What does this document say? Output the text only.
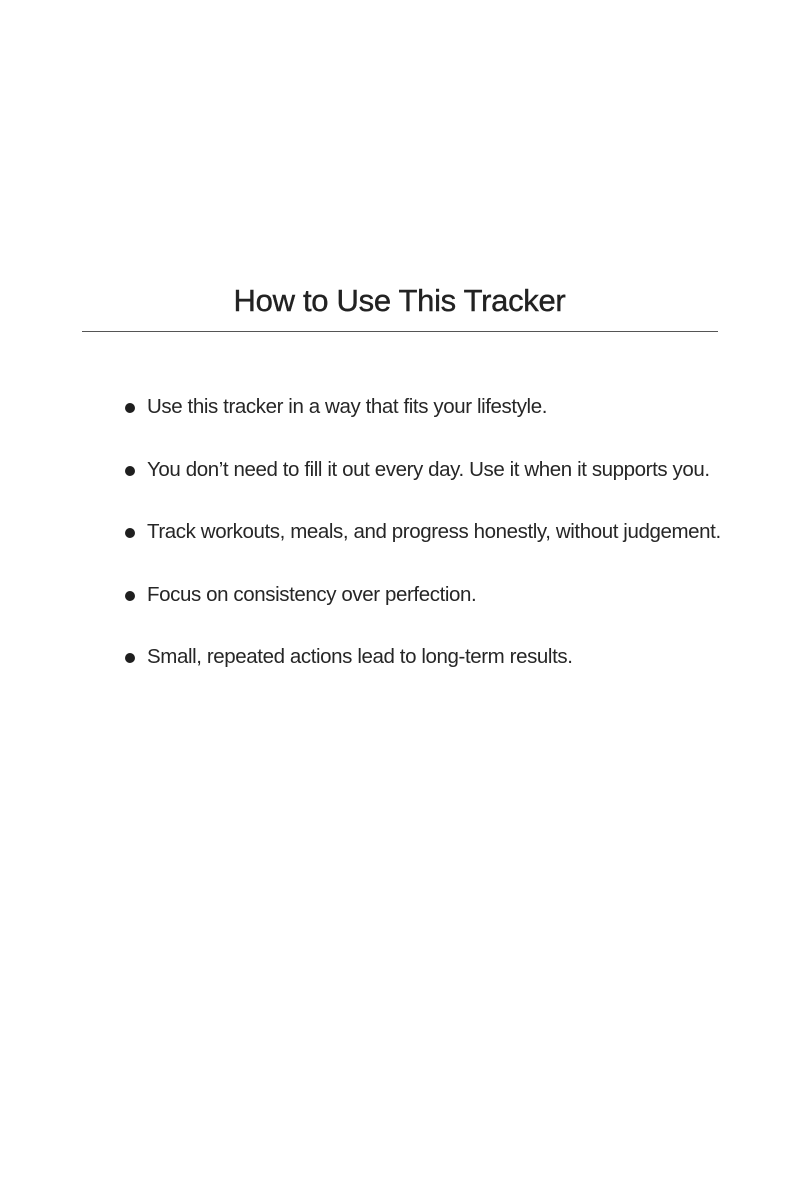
How to Use This Tracker
Use this tracker in a way that fits your lifestyle.
You don’t need to fill it out every day. Use it when it supports you.
Track workouts, meals, and progress honestly, without judgement.
Focus on consistency over perfection.
Small, repeated actions lead to long-term results.
